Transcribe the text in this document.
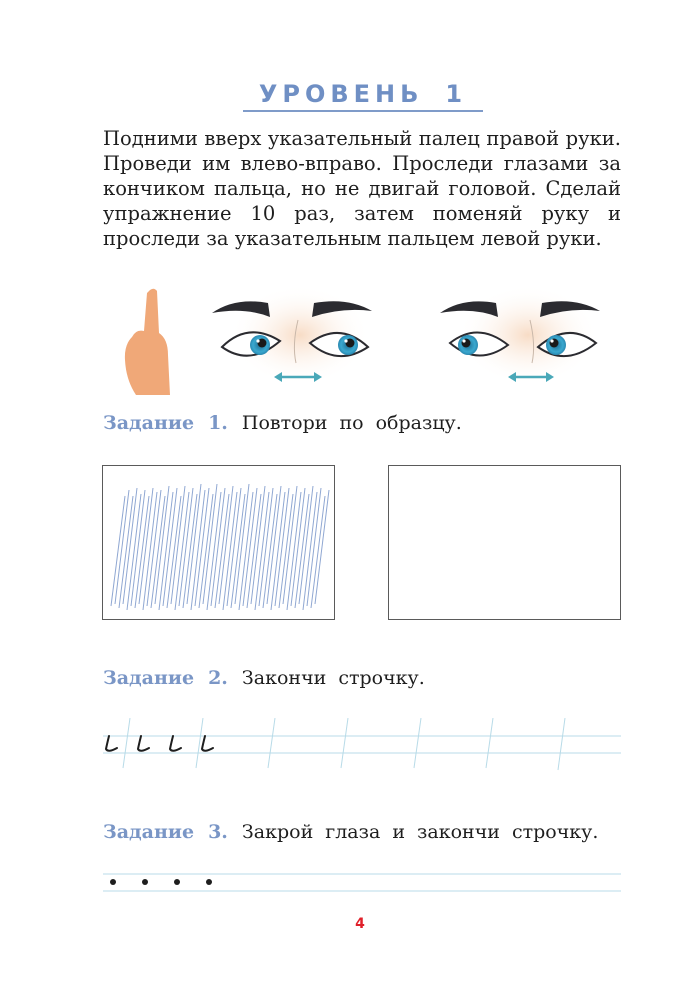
УРОВЕНЬ 1

Подними вверх указательный палец правой руки. Проведи им влево-вправо. Проследи глазами за кончиком пальца, но не двигай головой. Сделай упражнение 10 раз, затем поменяй руку и проследи за указательным пальцем левой руки.

Задание 1. Повтори по образцу.
Задание 2. Закончи строчку.
Задание 3. Закрой глаза и закончи строчку.
4
